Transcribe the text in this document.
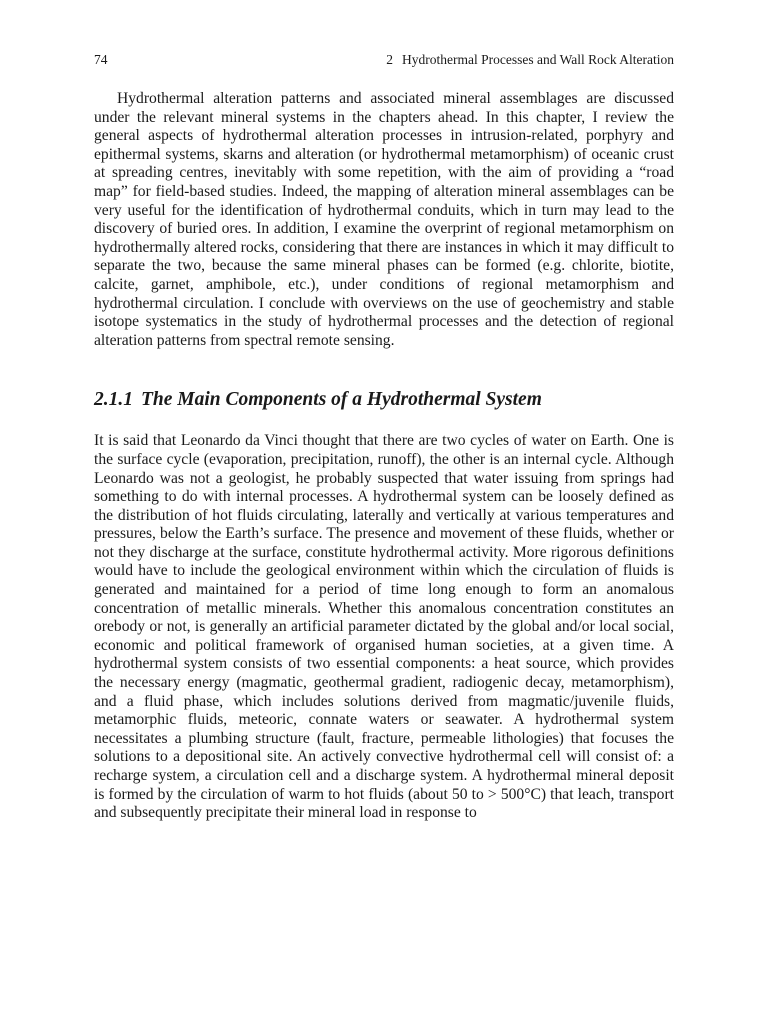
74	2 Hydrothermal Processes and Wall Rock Alteration

Hydrothermal alteration patterns and associated mineral assemblages are discussed under the relevant mineral systems in the chapters ahead. In this chapter, I review the general aspects of hydrothermal alteration processes in intrusion-related, porphyry and epithermal systems, skarns and alteration (or hydrothermal metamorphism) of oceanic crust at spreading centres, inevitably with some repetition, with the aim of providing a “road map” for field-based studies. Indeed, the mapping of alteration mineral assemblages can be very useful for the identification of hydrothermal conduits, which in turn may lead to the discovery of buried ores. In addition, I examine the overprint of regional metamorphism on hydrothermally altered rocks, considering that there are instances in which it may difficult to separate the two, because the same mineral phases can be formed (e.g. chlorite, biotite, calcite, garnet, amphibole, etc.), under conditions of regional metamorphism and hydrothermal circulation. I conclude with overviews on the use of geochemistry and stable isotope systematics in the study of hydrothermal processes and the detection of regional alteration patterns from spectral remote sensing.

2.1.1 The Main Components of a Hydrothermal System

It is said that Leonardo da Vinci thought that there are two cycles of water on Earth. One is the surface cycle (evaporation, precipitation, runoff), the other is an internal cycle. Although Leonardo was not a geologist, he probably suspected that water issuing from springs had something to do with internal processes. A hydrothermal system can be loosely defined as the distribution of hot fluids circulating, laterally and vertically at various temperatures and pressures, below the Earth’s surface. The presence and movement of these fluids, whether or not they discharge at the surface, constitute hydrothermal activity. More rigorous definitions would have to include the geological environment within which the circulation of fluids is generated and maintained for a period of time long enough to form an anomalous concentration of metallic minerals. Whether this anomalous concentration constitutes an orebody or not, is generally an artificial parameter dictated by the global and/or local social, economic and political framework of organised human societies, at a given time. A hydrothermal system consists of two essential components: a heat source, which provides the necessary energy (magmatic, geothermal gradient, radiogenic decay, metamorphism), and a fluid phase, which includes solutions derived from magmatic/juvenile fluids, metamorphic fluids, meteoric, connate waters or seawater. A hydrothermal system necessitates a plumbing structure (fault, fracture, permeable lithologies) that focuses the solutions to a depositional site. An actively convective hydrothermal cell will consist of: a recharge system, a circulation cell and a discharge system. A hydrothermal mineral deposit is formed by the circulation of warm to hot fluids (about 50 to > 500°C) that leach, transport and subsequently precipitate their mineral load in response to
